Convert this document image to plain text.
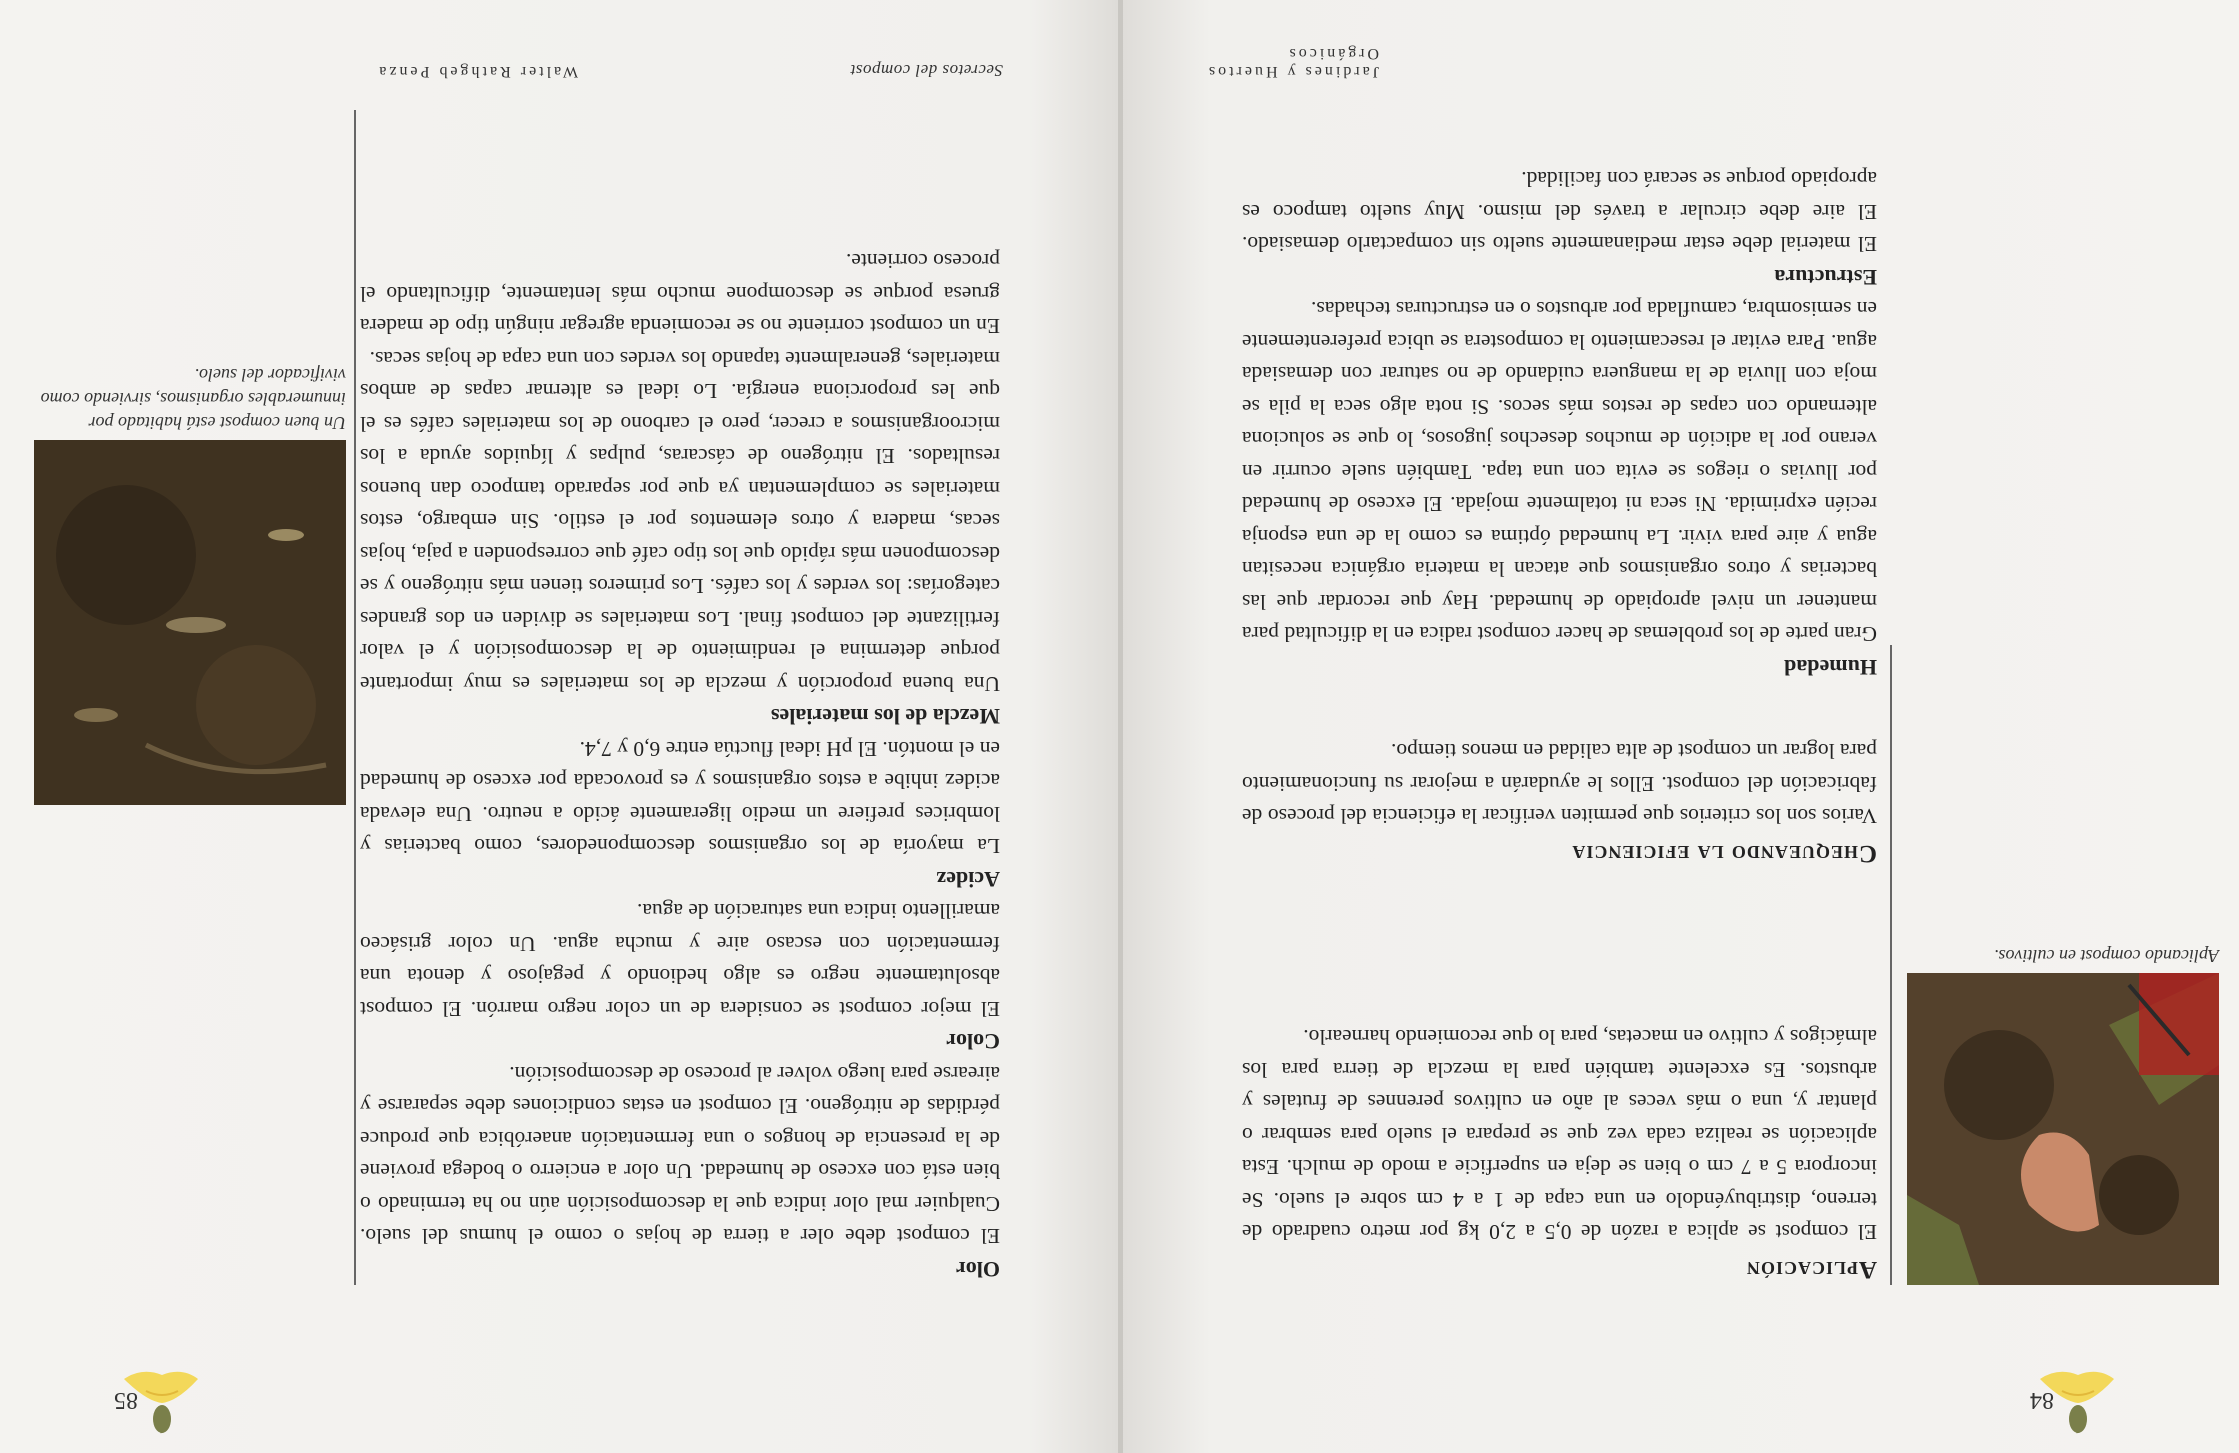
84
Aplicando compost en cultivos.
Aplicación

El compost se aplica a razón de 0,5 a 2,0 kg por metro cuadrado de terreno, distribuyéndolo en una capa de 1 a 4 cm sobre el suelo. Se incorpora 5 a 7 cm o bien se deja en superficie a modo de mulch. Esta aplicación se realiza cada vez que se prepara el suelo para sembrar o plantar y, una o más veces al año en cultivos perennes de frutales y arbustos. Es excelente también para la mezcla de tierra para los almácigos y cultivo en macetas, para lo que recomiendo harnearlo.

Chequeando la eficiencia

Varios son los criterios que permiten verificar la eficiencia del proceso de fabricación del compost. Ellos le ayudarán a mejorar su funcionamiento para lograr un compost de alta calidad en menos tiempo.

Humedad

Gran parte de los problemas de hacer compost radica en la dificultad para mantener un nivel apropiado de humedad. Hay que recordar que las bacterias y otros organismos que atacan la materia orgánica necesitan agua y aire para vivir. La humedad óptima es como la de una esponja recién exprimida. Ni seca ni totalmente mojada. El exceso de humedad por lluvias o riegos se evita con una tapa. También suele ocurrir en verano por la adición de muchos desechos jugosos, lo que se soluciona alternando con capas de restos más secos. Si nota algo seca la pila se moja con lluvia de la manguera cuidando de no saturar con demasiada agua. Para evitar el resecamiento la compostera se ubica preferentemente en semisombra, camuflada por arbustos o en estructuras techadas.

Estructura

El material debe estar medianamente suelto sin compactarlo demasiado. El aire debe circular a través del mismo. Muy suelto tampoco es apropiado porque se secará con facilidad.

Jardines y Huertos Orgánicos
85
Olor

El compost debe oler a tierra de hojas o como el humus del suelo. Cualquier mal olor indica que la descomposición aún no ha terminado o bien está con exceso de humedad. Un olor a encierro o bodega proviene de la presencia de hongos o una fermentación anaeróbica que produce pérdidas de nitrógeno. El compost en estas condiciones debe separarse y airearse para luego volver al proceso de descomposición.

Color

El mejor compost se considera de un color negro marrón. El compost absolutamente negro es algo hediondo y pegajoso y denota una fermentación con escaso aire y mucha agua. Un color grisáceo amarillento indica una saturación de agua.

Acidez

La mayoría de los organismos descomponedores, como bacterias y lombrices prefiere un medio ligeramente ácido a neutro. Una elevada acidez inhibe a estos organismos y es provocada por exceso de humedad en el montón. El pH ideal fluctúa entre 6,0 y 7,4.

Mezcla de los materiales

Una buena proporción y mezcla de los materiales es muy importante porque determina el rendimiento de la descomposición y el valor fertilizante del compost final. Los materiales se dividen en dos grandes categorías: los verdes y los cafés. Los primeros tienen más nitrógeno y se descomponen más rápido que los tipo café que corresponden a paja, hojas secas, madera y otros elementos por el estilo. Sin embargo, estos materiales se complementan ya que por separado tampoco dan buenos resultados. El nitrógeno de cáscaras, pulpas y líquidos ayuda a los microorganismos a crecer, pero el carbono de los materiales cafés es el que les proporciona energía. Lo ideal es alternar capas de ambos materiales, generalmente tapando los verdes con una capa de hojas secas.

En un compost corriente no se recomienda agregar ningún tipo de madera gruesa porque se descompone mucho más lentamente, dificultando el proceso corriente.

Un buen compost está habitado por innumerables organismos, sirviendo como vivificador del suelo.
Secretos del compost
Walter Rathgeb Penza
